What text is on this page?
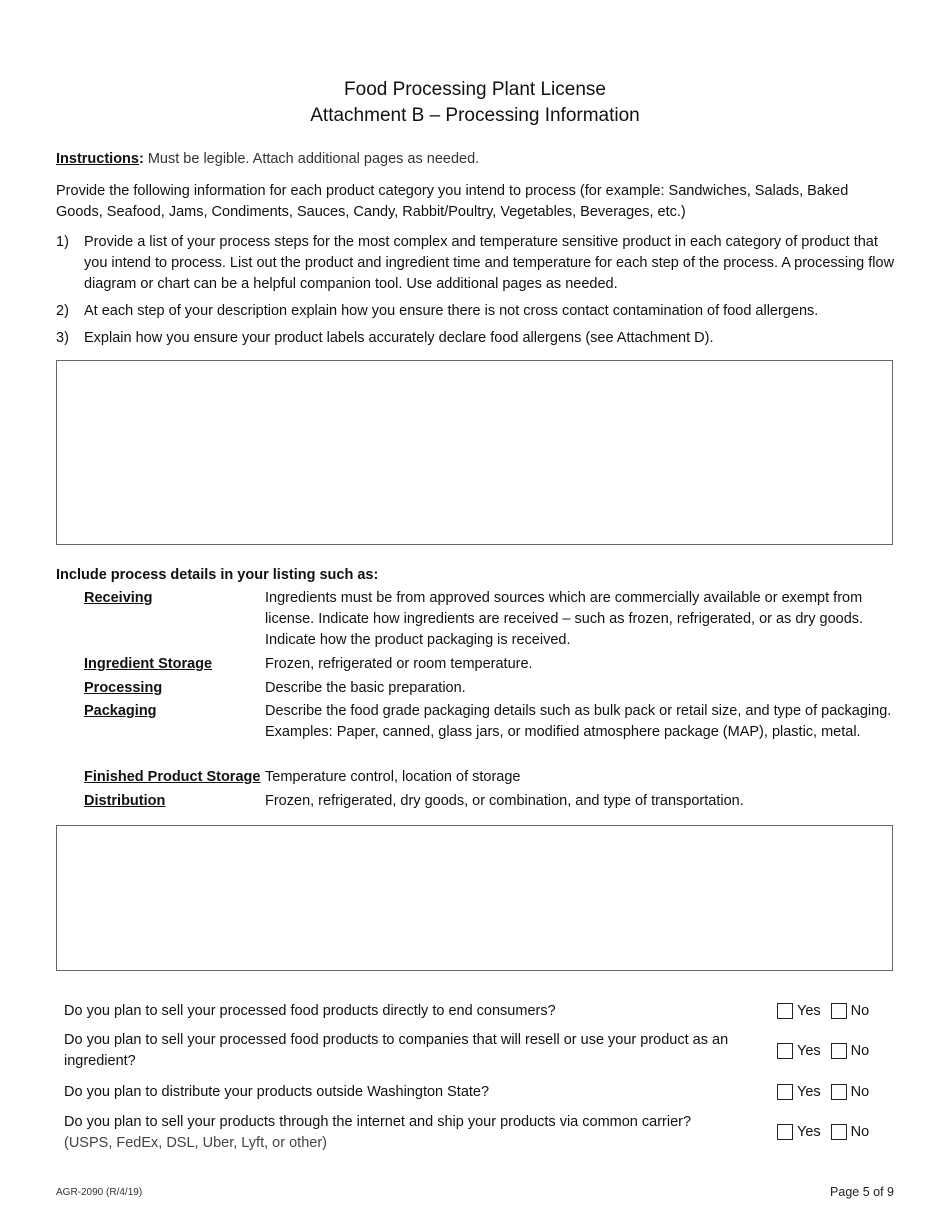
Food Processing Plant License
Attachment B – Processing Information
Instructions: Must be legible. Attach additional pages as needed.
Provide the following information for each product category you intend to process (for example: Sandwiches, Salads, Baked Goods, Seafood, Jams, Condiments, Sauces, Candy, Rabbit/Poultry, Vegetables, Beverages, etc.)
1) Provide a list of your process steps for the most complex and temperature sensitive product in each category of product that you intend to process. List out the product and ingredient time and temperature for each step of the process. A processing flow diagram or chart can be a helpful companion tool. Use additional pages as needed.
2) At each step of your description explain how you ensure there is not cross contact contamination of food allergens.
3) Explain how you ensure your product labels accurately declare food allergens (see Attachment D).
Include process details in your listing such as:
Receiving	Ingredients must be from approved sources which are commercially available or exempt from license. Indicate how ingredients are received – such as frozen, refrigerated, or as dry goods. Indicate how the product packaging is received.
Ingredient Storage	Frozen, refrigerated or room temperature.
Processing	Describe the basic preparation.
Packaging	Describe the food grade packaging details such as bulk pack or retail size, and type of packaging. Examples: Paper, canned, glass jars, or modified atmosphere package (MAP), plastic, metal.
Finished Product Storage Temperature control, location of storage
Distribution	Frozen, refrigerated, dry goods, or combination, and type of transportation.
Do you plan to sell your processed food products directly to end consumers?	Yes No
Do you plan to sell your processed food products to companies that will resell or use your product as an ingredient?
Yes No
Do you plan to distribute your products outside Washington State?	Yes No
Do you plan to sell your products through the internet and ship your products via common carrier?
(USPS, FedEx, DSL, Uber, Lyft, or other)
Yes No
AGR-2090 (R/4/19)	Page 5 of 9
